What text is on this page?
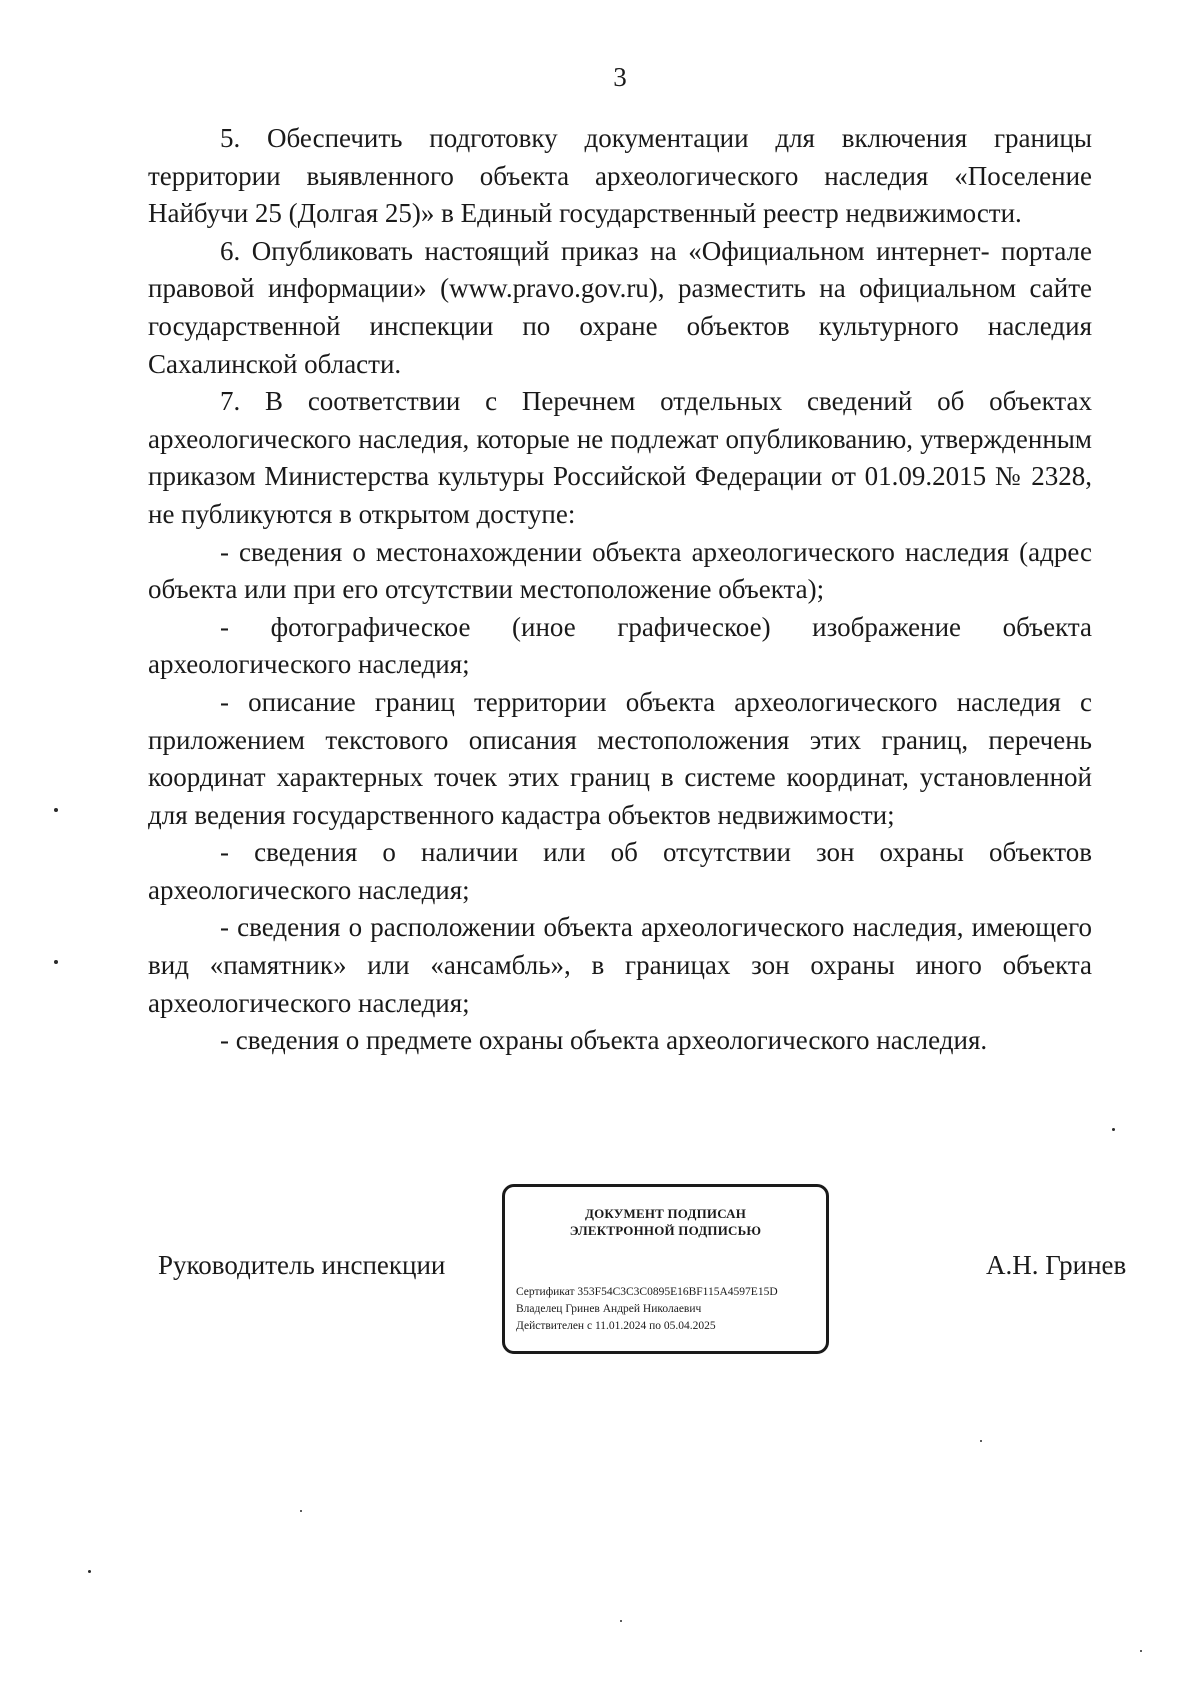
3

5. Обеспечить подготовку документации для включения границы территории выявленного объекта археологического наследия «Поселение Найбучи 25 (Долгая 25)» в Единый государственный реестр недвижимости.

6. Опубликовать настоящий приказ на «Официальном интернет- портале правовой информации» (www.pravo.gov.ru), разместить на официальном сайте государственной инспекции по охране объектов культурного наследия Сахалинской области.

7. В соответствии с Перечнем отдельных сведений об объектах археологического наследия, которые не подлежат опубликованию, утвержденным приказом Министерства культуры Российской Федерации от 01.09.2015 № 2328, не публикуются в открытом доступе:

- сведения о местонахождении объекта археологического наследия (адрес объекта или при его отсутствии местоположение объекта);

- фотографическое (иное графическое) изображение объекта археологического наследия;

- описание границ территории объекта археологического наследия с приложением текстового описания местоположения этих границ, перечень координат характерных точек этих границ в системе координат, установленной для ведения государственного кадастра объектов недвижимости;

- сведения о наличии или об отсутствии зон охраны объектов археологического наследия;

- сведения о расположении объекта археологического наследия, имеющего вид «памятник» или «ансамбль», в границах зон охраны иного объекта археологического наследия;

- сведения о предмете охраны объекта археологического наследия.

Руководитель инспекции	А.Н. Гринев
ДОКУМЕНТ ПОДПИСАН
ЭЛЕКТРОННОЙ ПОДПИСЬЮ
Сертификат 353F54C3C3C0895E16BF115A4597E15D
Владелец Гринев Андрей Николаевич
Действителен с 11.01.2024 по 05.04.2025
